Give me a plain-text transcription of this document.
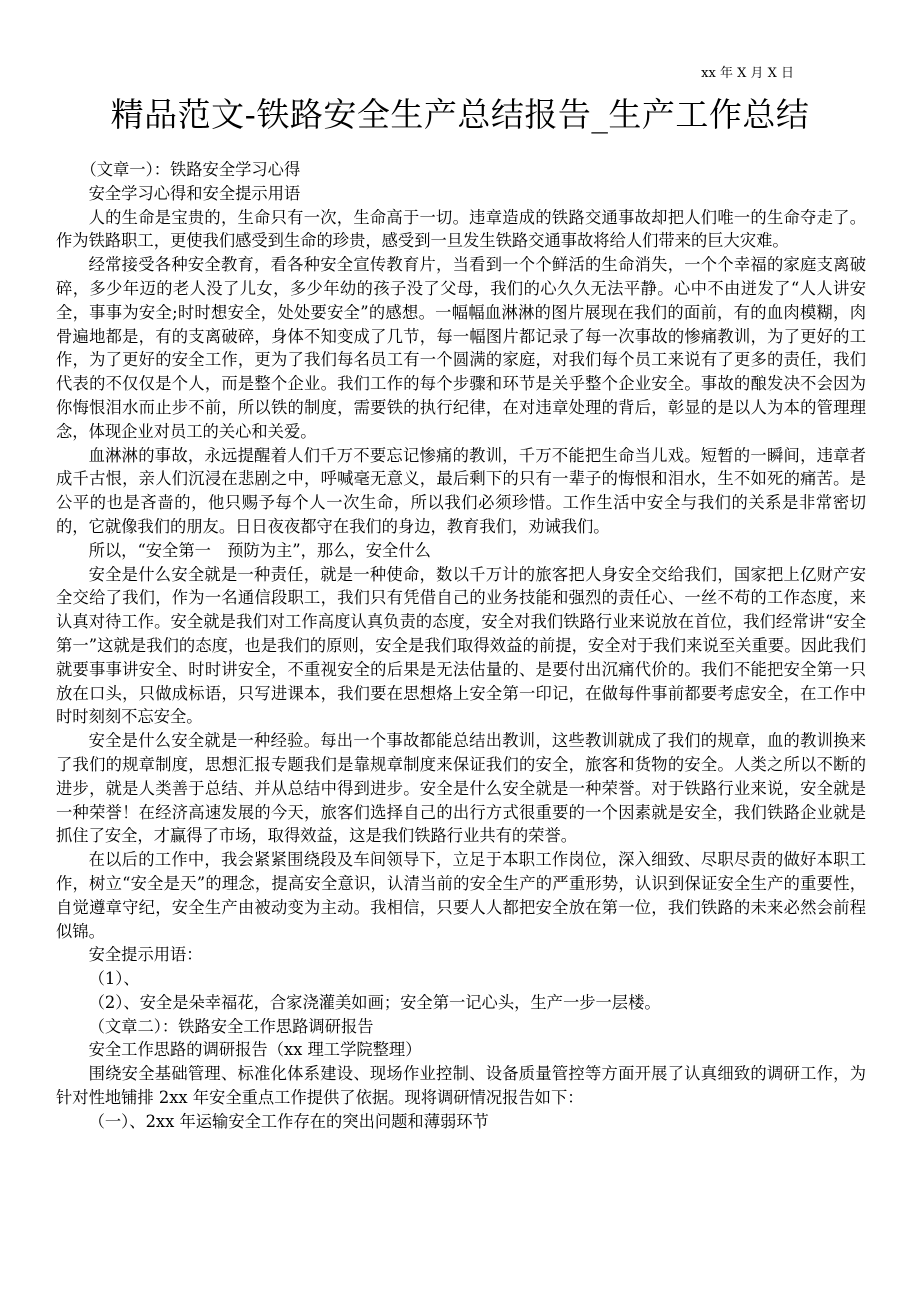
xx 年 X 月 X 日
精品范文-铁路安全生产总结报告_生产工作总结

（文章一）：铁路安全学习心得

安全学习心得和安全提示用语

人的生命是宝贵的，生命只有一次，生命高于一切。违章造成的铁路交通事故却把人们唯一的生命夺走了。作为铁路职工，更使我们感受到生命的珍贵，感受到一旦发生铁路交通事故将给人们带来的巨大灾难。

经常接受各种安全教育，看各种安全宣传教育片，当看到一个个鲜活的生命消失，一个个幸福的家庭支离破碎，多少年迈的老人没了儿女，多少年幼的孩子没了父母，我们的心久久无法平静。心中不由迸发了“人人讲安全，事事为安全;时时想安全，处处要安全”的感想。一幅幅血淋淋的图片展现在我们的面前，有的血肉模糊，肉骨遍地都是，有的支离破碎，身体不知变成了几节，每一幅图片都记录了每一次事故的惨痛教训，为了更好的工作，为了更好的安全工作，更为了我们每名员工有一个圆满的家庭，对我们每个员工来说有了更多的责任，我们代表的不仅仅是个人，而是整个企业。我们工作的每个步骤和环节是关乎整个企业安全。事故的酿发决不会因为你悔恨泪水而止步不前，所以铁的制度，需要铁的执行纪律，在对违章处理的背后，彰显的是以人为本的管理理念，体现企业对员工的关心和关爱。

血淋淋的事故，永远提醒着人们千万不要忘记惨痛的教训，千万不能把生命当儿戏。短暂的一瞬间，违章者成千古恨，亲人们沉浸在悲剧之中，呼喊毫无意义，最后剩下的只有一辈子的悔恨和泪水，生不如死的痛苦。是公平的也是吝啬的，他只赐予每个人一次生命，所以我们必须珍惜。工作生活中安全与我们的关系是非常密切的，它就像我们的朋友。日日夜夜都守在我们的身边，教育我们，劝诫我们。

所以，“安全第一　预防为主”，那么，安全什么

安全是什么安全就是一种责任，就是一种使命，数以千万计的旅客把人身安全交给我们，国家把上亿财产安全交给了我们，作为一名通信段职工，我们只有凭借自己的业务技能和强烈的责任心、一丝不苟的工作态度，来认真对待工作。安全就是我们对工作高度认真负责的态度，安全对我们铁路行业来说放在首位，我们经常讲“安全第一”这就是我们的态度，也是我们的原则，安全是我们取得效益的前提，安全对于我们来说至关重要。因此我们就要事事讲安全、时时讲安全，不重视安全的后果是无法估量的、是要付出沉痛代价的。我们不能把安全第一只放在口头，只做成标语，只写进课本，我们要在思想烙上安全第一印记，在做每件事前都要考虑安全，在工作中时时刻刻不忘安全。

安全是什么安全就是一种经验。每出一个事故都能总结出教训，这些教训就成了我们的规章，血的教训换来了我们的规章制度，思想汇报专题我们是靠规章制度来保证我们的安全，旅客和货物的安全。人类之所以不断的进步，就是人类善于总结、并从总结中得到进步。安全是什么安全就是一种荣誉。对于铁路行业来说，安全就是一种荣誉！在经济高速发展的今天，旅客们选择自己的出行方式很重要的一个因素就是安全，我们铁路企业就是抓住了安全，才赢得了市场，取得效益，这是我们铁路行业共有的荣誉。

在以后的工作中，我会紧紧围绕段及车间领导下，立足于本职工作岗位，深入细致、尽职尽责的做好本职工作，树立“安全是天”的理念，提高安全意识，认清当前的安全生产的严重形势，认识到保证安全生产的重要性，自觉遵章守纪，安全生产由被动变为主动。我相信，只要人人都把安全放在第一位，我们铁路的未来必然会前程似锦。

安全提示用语：

（1）、

（2）、安全是朵幸福花，合家浇灌美如画；安全第一记心头，生产一步一层楼。

（文章二）：铁路安全工作思路调研报告

安全工作思路的调研报告（xx 理工学院整理）

围绕安全基础管理、标准化体系建设、现场作业控制、设备质量管控等方面开展了认真细致的调研工作，为针对性地铺排 2xx 年安全重点工作提供了依据。现将调研情况报告如下：

（一）、2xx 年运输安全工作存在的突出问题和薄弱环节
